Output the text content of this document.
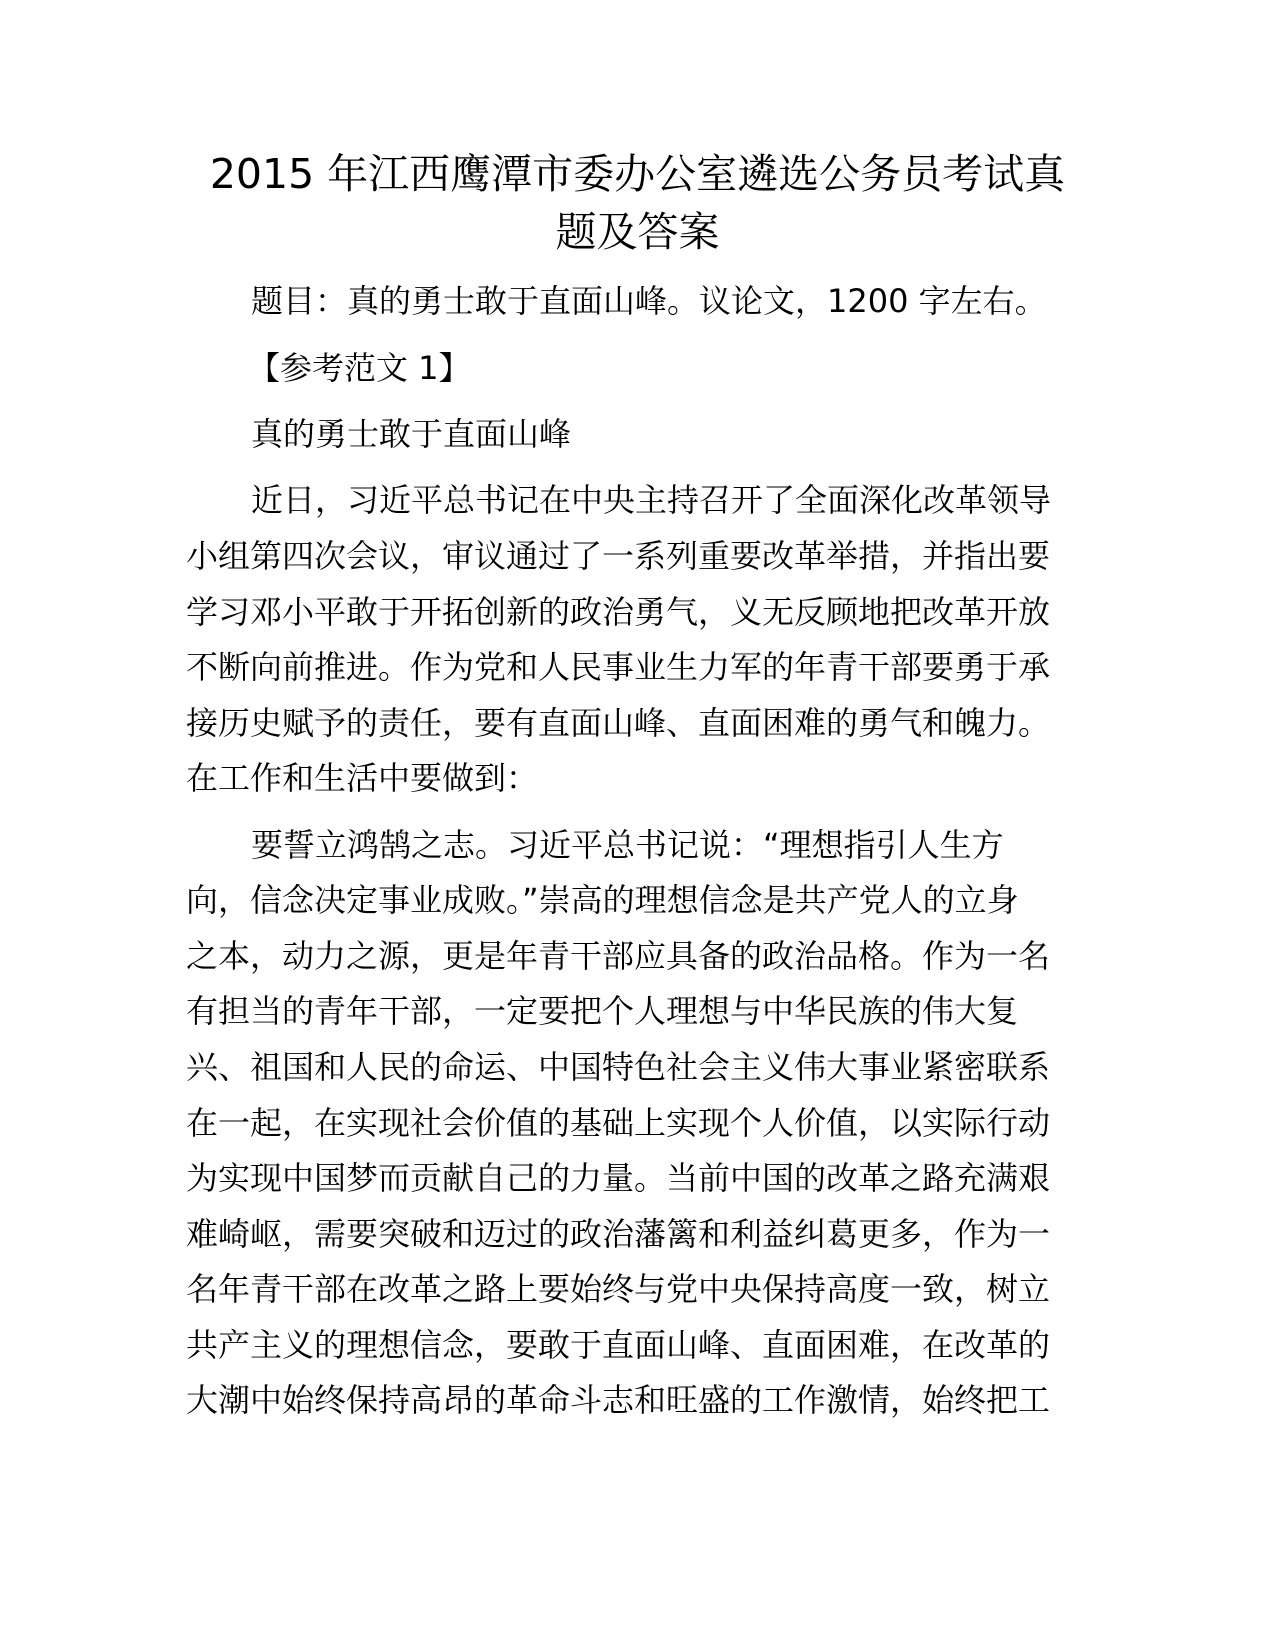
2015 年江西鹰潭市委办公室遴选公务员考试真
题及答案

题目：真的勇士敢于直面山峰。议论文，1200 字左右。

【参考范文 1】

真的勇士敢于直面山峰

近日，习近平总书记在中央主持召开了全面深化改革领导

小组第四次会议，审议通过了一系列重要改革举措，并指出要

学习邓小平敢于开拓创新的政治勇气，义无反顾地把改革开放

不断向前推进。作为党和人民事业生力军的年青干部要勇于承

接历史赋予的责任，要有直面山峰、直面困难的勇气和魄力。

在工作和生活中要做到：

要誓立鸿鹄之志。习近平总书记说：“理想指引人生方

向，信念决定事业成败。”崇高的理想信念是共产党人的立身

之本，动力之源，更是年青干部应具备的政治品格。作为一名

有担当的青年干部，一定要把个人理想与中华民族的伟大复

兴、祖国和人民的命运、中国特色社会主义伟大事业紧密联系

在一起，在实现社会价值的基础上实现个人价值，以实际行动

为实现中国梦而贡献自己的力量。当前中国的改革之路充满艰

难崎岖，需要突破和迈过的政治藩篱和利益纠葛更多，作为一

名年青干部在改革之路上要始终与党中央保持高度一致，树立

共产主义的理想信念，要敢于直面山峰、直面困难，在改革的

大潮中始终保持高昂的革命斗志和旺盛的工作激情，始终把工
